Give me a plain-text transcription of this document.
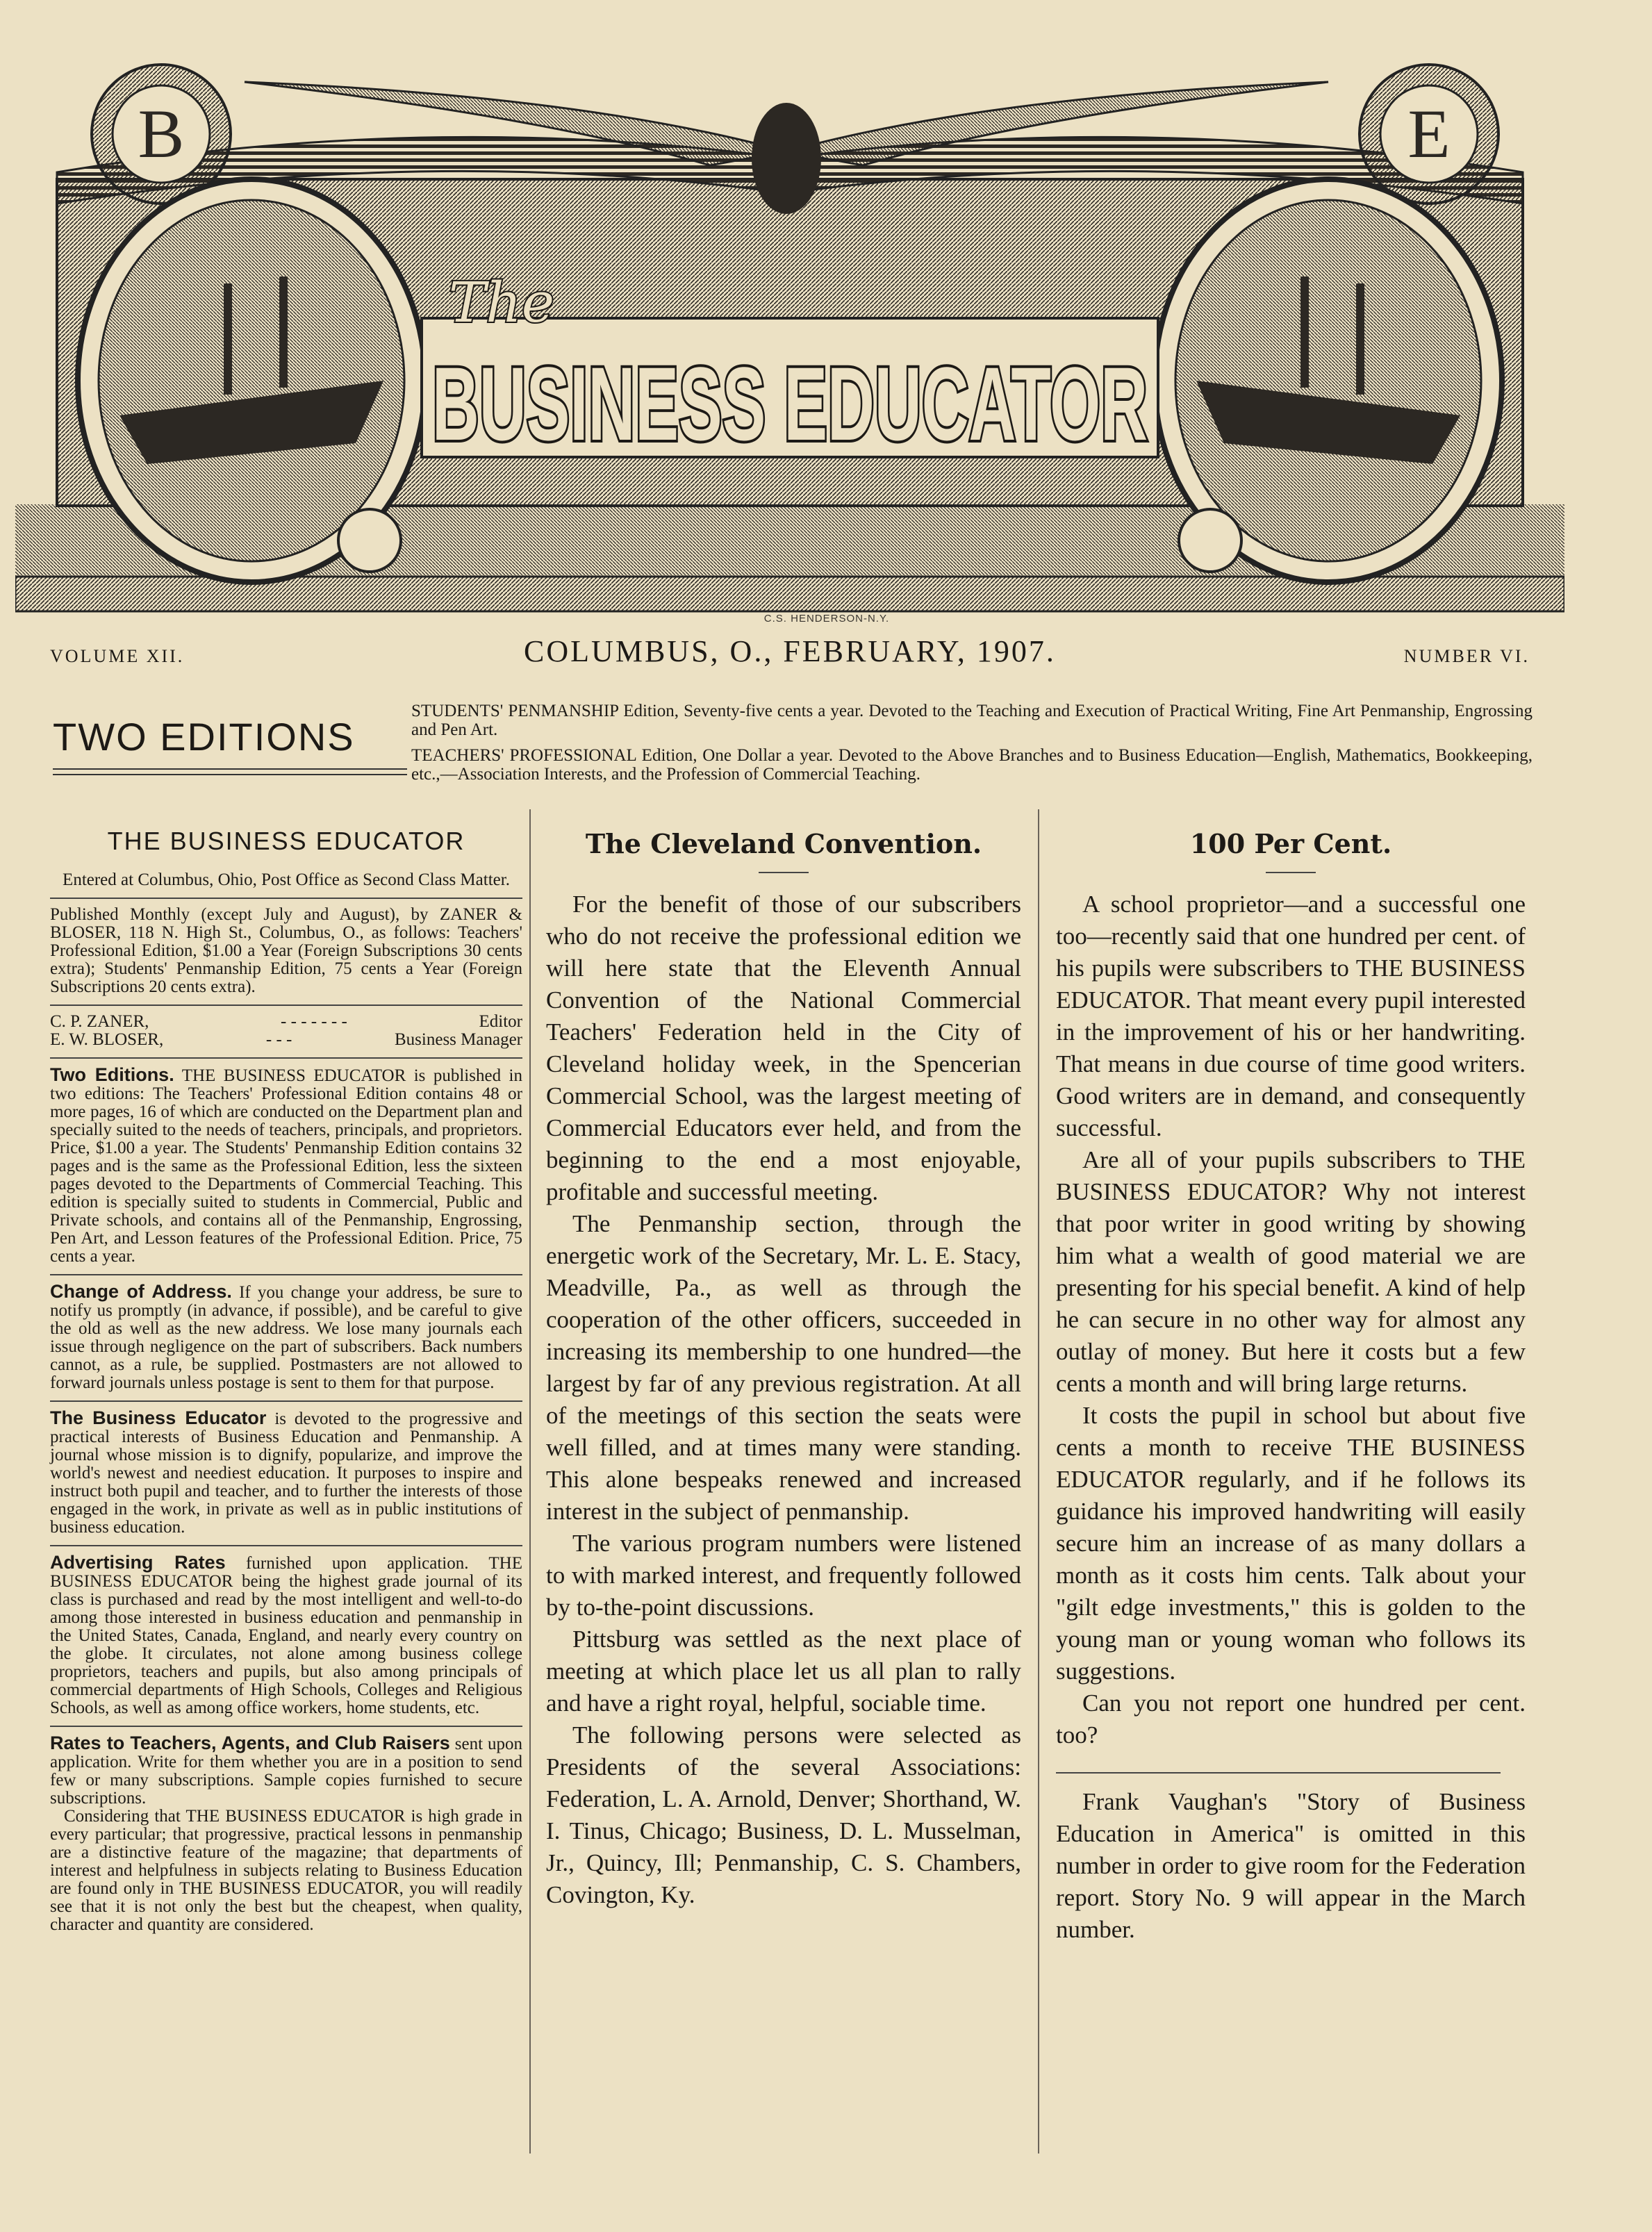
B	E
BUSINESS EDUCATOR
The
C.S. HENDERSON-N.Y.
VOLUME XII.	COLUMBUS, O., FEBRUARY, 1907.	NUMBER VI.
TWO EDITIONS
STUDENTS' PENMANSHIP Edition, Seventy-five cents a year. Devoted to the Teaching and Execution of Practical Writing, Fine Art Penmanship, Engrossing and Pen Art.
TEACHERS' PROFESSIONAL Edition, One Dollar a year. Devoted to the Above Branches and to Business Education—English, Mathematics, Bookkeeping, etc.,—Association Interests, and the Profession of Commercial Teaching.
THE BUSINESS EDUCATOR

Entered at Columbus, Ohio, Post Office as Second Class Matter.

Published Monthly (except July and August), by ZANER & BLOSER, 118 N. High St., Columbus, O., as follows: Teachers' Professional Edition, $1.00 a Year (Foreign Subscriptions 30 cents extra); Students' Penmanship Edition, 75 cents a Year (Foreign Subscriptions 20 cents extra).

C. P. ZANER,	- - - - - - -	Editor
E. W. BLOSER,	- - -	Business Manager

Two Editions. THE BUSINESS EDUCATOR is published in two editions: The Teachers' Professional Edition contains 48 or more pages, 16 of which are conducted on the Department plan and specially suited to the needs of teachers, principals, and proprietors. Price, $1.00 a year. The Students' Penmanship Edition contains 32 pages and is the same as the Professional Edition, less the sixteen pages devoted to the Departments of Commercial Teaching. This edition is specially suited to students in Commercial, Public and Private schools, and contains all of the Penmanship, Engrossing, Pen Art, and Lesson features of the Professional Edition. Price, 75 cents a year.

Change of Address. If you change your address, be sure to notify us promptly (in advance, if possible), and be careful to give the old as well as the new address. We lose many journals each issue through negligence on the part of subscribers. Back numbers cannot, as a rule, be supplied. Postmasters are not allowed to forward journals unless postage is sent to them for that purpose.

The Business Educator is devoted to the progressive and practical interests of Business Education and Penmanship. A journal whose mission is to dignify, popularize, and improve the world's newest and neediest education. It purposes to inspire and instruct both pupil and teacher, and to further the interests of those engaged in the work, in private as well as in public institutions of business education.

Advertising Rates furnished upon application. THE BUSINESS EDUCATOR being the highest grade journal of its class is purchased and read by the most intelligent and well-to-do among those interested in business education and penmanship in the United States, Canada, England, and nearly every country on the globe. It circulates, not alone among business college proprietors, teachers and pupils, but also among principals of commercial departments of High Schools, Colleges and Religious Schools, as well as among office workers, home students, etc.

Rates to Teachers, Agents, and Club Raisers sent upon application. Write for them whether you are in a position to send few or many subscriptions. Sample copies furnished to secure subscriptions.

Considering that THE BUSINESS EDUCATOR is high grade in every particular; that progressive, practical lessons in penmanship are a distinctive feature of the magazine; that departments of interest and helpfulness in subjects relating to Business Education are found only in THE BUSINESS EDUCATOR, you will readily see that it is not only the best but the cheapest, when quality, character and quantity are considered.

The Cleveland Convention.

For the benefit of those of our subscribers who do not receive the professional edition we will here state that the Eleventh Annual Convention of the National Commercial Teachers' Federation held in the City of Cleveland holiday week, in the Spencerian Commercial School, was the largest meeting of Commercial Educators ever held, and from the beginning to the end a most enjoyable, profitable and successful meeting.

The Penmanship section, through the energetic work of the Secretary, Mr. L. E. Stacy, Meadville, Pa., as well as through the cooperation of the other officers, succeeded in increasing its membership to one hundred—the largest by far of any previous registration. At all of the meetings of this section the seats were well filled, and at times many were standing. This alone bespeaks renewed and increased interest in the subject of penmanship.

The various program numbers were listened to with marked interest, and frequently followed by to-the-point discussions.

Pittsburg was settled as the next place of meeting at which place let us all plan to rally and have a right royal, helpful, sociable time.

The following persons were selected as Presidents of the several Associations: Federation, L. A. Arnold, Denver; Shorthand, W. I. Tinus, Chicago; Business, D. L. Musselman, Jr., Quincy, Ill; Penmanship, C. S. Chambers, Covington, Ky.

100 Per Cent.

A school proprietor—and a successful one too—recently said that one hundred per cent. of his pupils were subscribers to THE BUSINESS EDUCATOR. That meant every pupil interested in the improvement of his or her handwriting. That means in due course of time good writers. Good writers are in demand, and consequently successful.

Are all of your pupils subscribers to THE BUSINESS EDUCATOR? Why not interest that poor writer in good writing by showing him what a wealth of good material we are presenting for his special benefit. A kind of help he can secure in no other way for almost any outlay of money. But here it costs but a few cents a month and will bring large returns.

It costs the pupil in school but about five cents a month to receive THE BUSINESS EDUCATOR regularly, and if he follows its guidance his improved handwriting will easily secure him an increase of as many dollars a month as it costs him cents. Talk about your "gilt edge investments," this is golden to the young man or young woman who follows its suggestions.

Can you not report one hundred per cent. too?

Frank Vaughan's "Story of Business Education in America" is omitted in this number in order to give room for the Federation report. Story No. 9 will appear in the March number.
